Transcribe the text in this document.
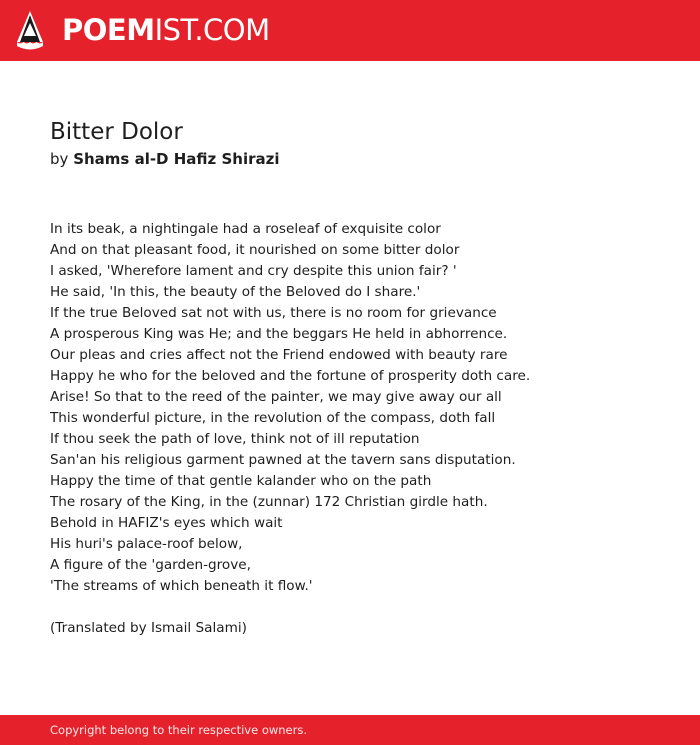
POEMIST.COM
Bitter Dolor
by Shams al-D Hafiz Shirazi
In its beak, a nightingale had a roseleaf of exquisite color
And on that pleasant food, it nourished on some bitter dolor
I asked, 'Wherefore lament and cry despite this union fair? '
He said, 'In this, the beauty of the Beloved do I share.'
If the true Beloved sat not with us, there is no room for grievance
A prosperous King was He; and the beggars He held in abhorrence.
Our pleas and cries affect not the Friend endowed with beauty rare
Happy he who for the beloved and the fortune of prosperity doth care.
Arise! So that to the reed of the painter, we may give away our all
This wonderful picture, in the revolution of the compass, doth fall
If thou seek the path of love, think not of ill reputation
San'an his religious garment pawned at the tavern sans disputation.
Happy the time of that gentle kalander who on the path
The rosary of the King, in the (zunnar) 172 Christian girdle hath.
Behold in HAFIZ's eyes which wait
His huri's palace-roof below,
A figure of the 'garden-grove,
'The streams of which beneath it flow.'
(Translated by Ismail Salami)
Copyright belong to their respective owners.
